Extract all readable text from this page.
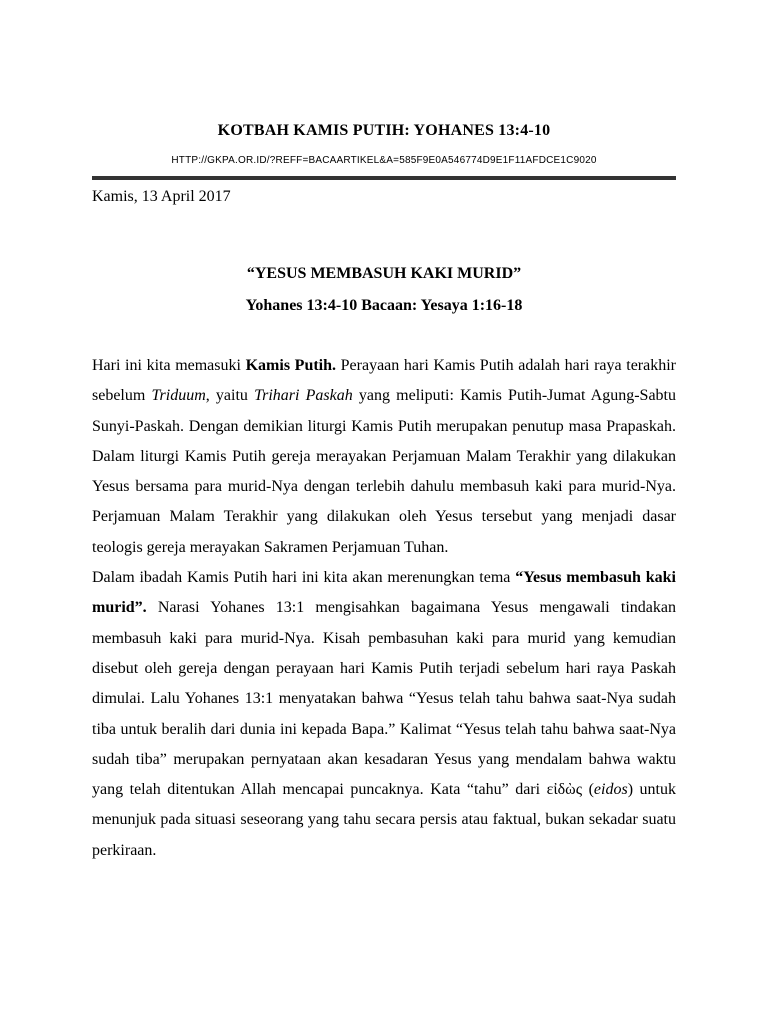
KOTBAH KAMIS PUTIH: YOHANES 13:4-10
HTTP://GKPA.OR.ID/?REFF=BACAARTIKEL&A=585F9E0A546774D9E1F11AFDCE1C9020
Kamis, 13 April 2017
“YESUS MEMBASUH KAKI MURID”
Yohanes 13:4-10 Bacaan: Yesaya 1:16-18

Hari ini kita memasuki Kamis Putih. Perayaan hari Kamis Putih adalah hari raya terakhir sebelum Triduum, yaitu Trihari Paskah yang meliputi: Kamis Putih-Jumat Agung-Sabtu Sunyi-Paskah. Dengan demikian liturgi Kamis Putih merupakan penutup masa Prapaskah. Dalam liturgi Kamis Putih gereja merayakan Perjamuan Malam Terakhir yang dilakukan Yesus bersama para murid-Nya dengan terlebih dahulu membasuh kaki para murid-Nya. Perjamuan Malam Terakhir yang dilakukan oleh Yesus tersebut yang menjadi dasar teologis gereja merayakan Sakramen Perjamuan Tuhan.

Dalam ibadah Kamis Putih hari ini kita akan merenungkan tema “Yesus membasuh kaki murid”. Narasi Yohanes 13:1 mengisahkan bagaimana Yesus mengawali tindakan membasuh kaki para murid-Nya. Kisah pembasuhan kaki para murid yang kemudian disebut oleh gereja dengan perayaan hari Kamis Putih terjadi sebelum hari raya Paskah dimulai. Lalu Yohanes 13:1 menyatakan bahwa “Yesus telah tahu bahwa saat-Nya sudah tiba untuk beralih dari dunia ini kepada Bapa.” Kalimat “Yesus telah tahu bahwa saat-Nya sudah tiba” merupakan pernyataan akan kesadaran Yesus yang mendalam bahwa waktu yang telah ditentukan Allah mencapai puncaknya. Kata “tahu” dari εἰδὼς (eidos) untuk menunjuk pada situasi seseorang yang tahu secara persis atau faktual, bukan sekadar suatu perkiraan.
